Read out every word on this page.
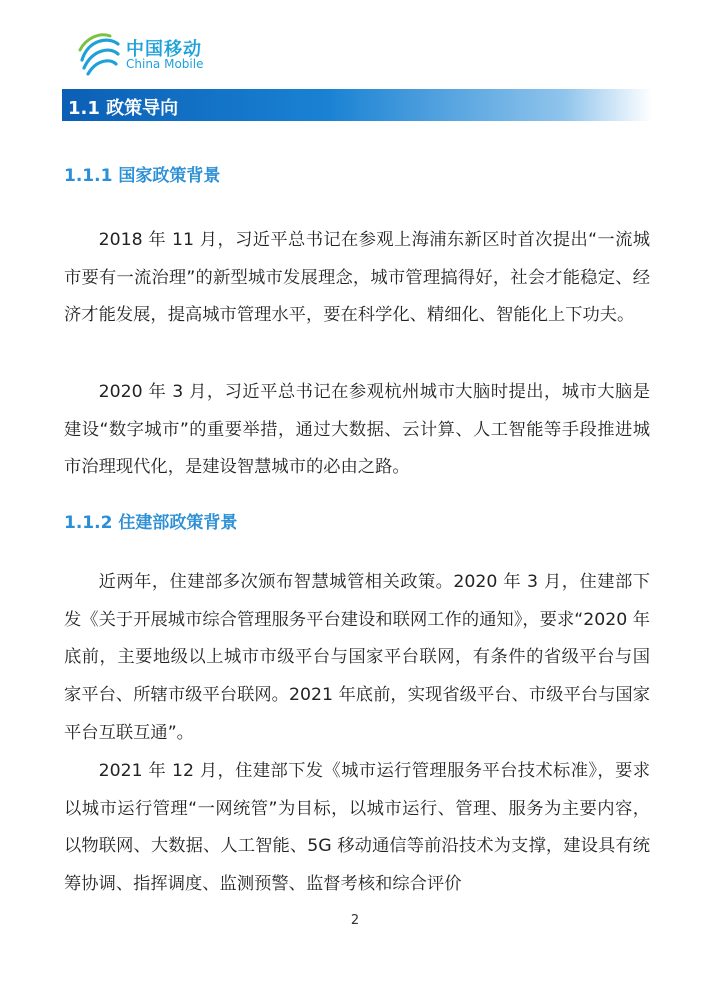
中国移动
China Mobile
1.1 政策导向
1.1.1 国家政策背景

2018 年 11 月，习近平总书记在参观上海浦东新区时首次提出“一流城市要有一流治理”的新型城市发展理念，城市管理搞得好，社会才能稳定、经济才能发展，提高城市管理水平，要在科学化、精细化、智能化上下功夫。

2020 年 3 月，习近平总书记在参观杭州城市大脑时提出，城市大脑是建设“数字城市”的重要举措，通过大数据、云计算、人工智能等手段推进城市治理现代化，是建设智慧城市的必由之路。

1.1.2 住建部政策背景

近两年，住建部多次颁布智慧城管相关政策。2020 年 3 月，住建部下发《关于开展城市综合管理服务平台建设和联网工作的通知》，要求“2020 年底前，主要地级以上城市市级平台与国家平台联网，有条件的省级平台与国家平台、所辖市级平台联网。2021 年底前，实现省级平台、市级平台与国家平台互联互通”。

2021 年 12 月，住建部下发《城市运行管理服务平台技术标准》，要求以城市运行管理“一网统管”为目标，以城市运行、管理、服务为主要内容，以物联网、大数据、人工智能、5G 移动通信等前沿技术为支撑，建设具有统筹协调、指挥调度、监测预警、监督考核和综合评价

2
